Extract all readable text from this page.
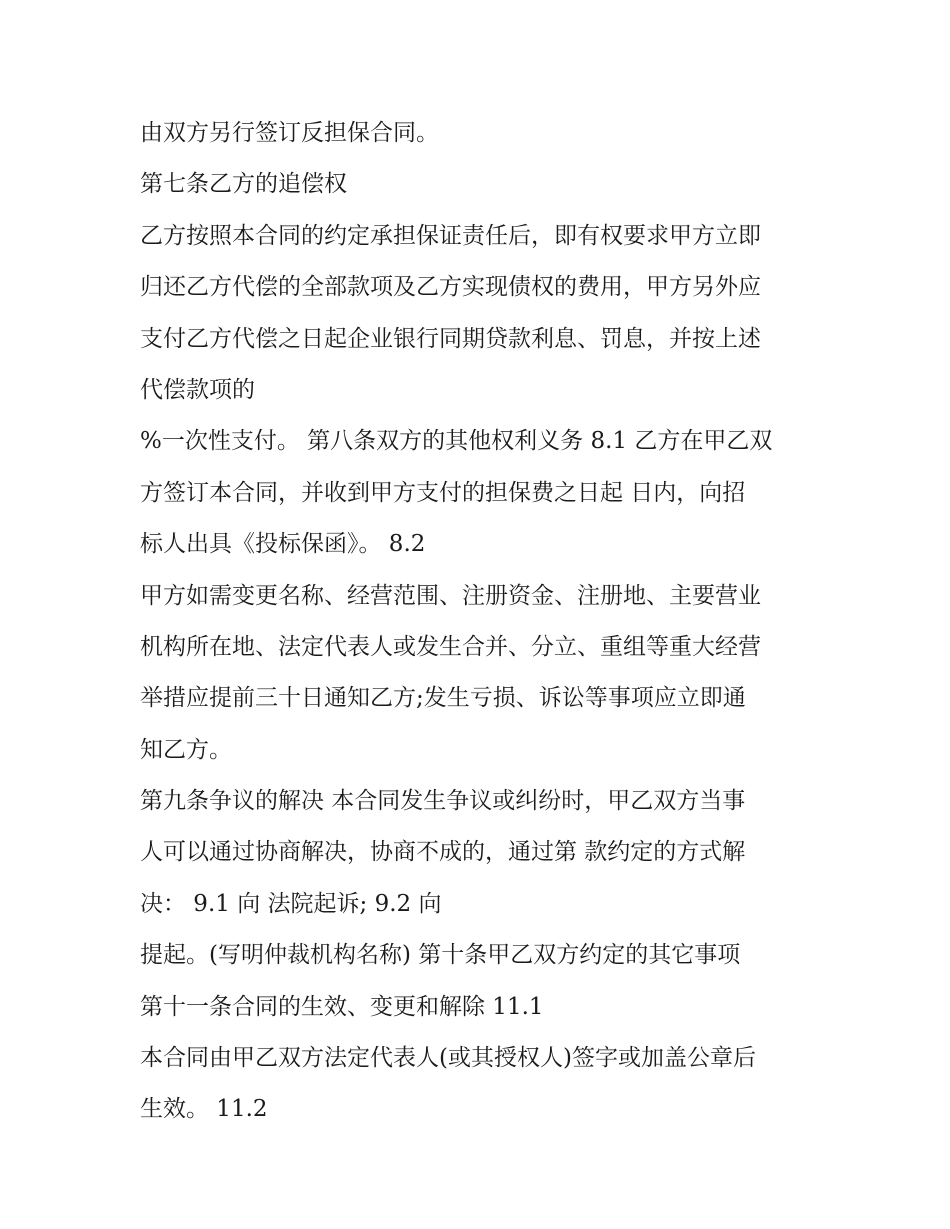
由双方另行签订反担保合同。
第七条乙方的追偿权
乙方按照本合同的约定承担保证责任后，即有权要求甲方立即
归还乙方代偿的全部款项及乙方实现债权的费用，甲方另外应
支付乙方代偿之日起企业银行同期贷款利息、罚息，并按上述
代偿款项的
%一次性支付。 第八条双方的其他权利义务 8.1 乙方在甲乙双
方签订本合同，并收到甲方支付的担保费之日起 日内，向招
标人出具《投标保函》。 8.2
甲方如需变更名称、经营范围、注册资金、注册地、主要营业
机构所在地、法定代表人或发生合并、分立、重组等重大经营
举措应提前三十日通知乙方;发生亏损、诉讼等事项应立即通
知乙方。
第九条争议的解决 本合同发生争议或纠纷时，甲乙双方当事
人可以通过协商解决，协商不成的，通过第 款约定的方式解
决： 9.1 向 法院起诉; 9.2 向
提起。(写明仲裁机构名称) 第十条甲乙双方约定的其它事项
第十一条合同的生效、变更和解除 11.1
本合同由甲乙双方法定代表人(或其授权人)签字或加盖公章后
生效。 11.2
